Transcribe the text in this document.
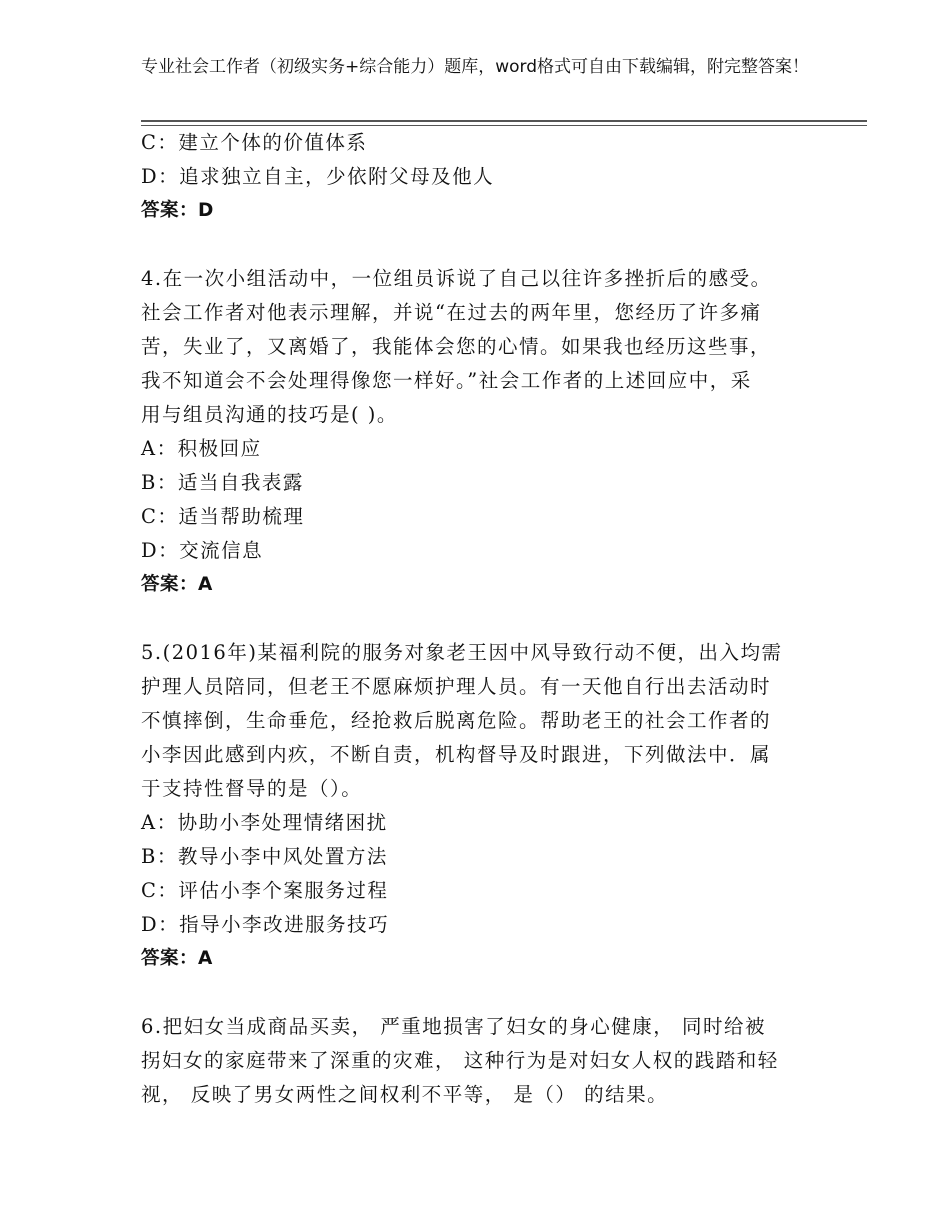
专业社会工作者（初级实务+综合能力）题库，word格式可自由下载编辑，附完整答案！
C：建立个体的价值体系
D：追求独立自主，少依附父母及他人
答案：D
4.在一次小组活动中，一位组员诉说了自己以往许多挫折后的感受。
社会工作者对他表示理解，并说“在过去的两年里，您经历了许多痛
苦，失业了，又离婚了，我能体会您的心情。如果我也经历这些事，
我不知道会不会处理得像您一样好。”社会工作者的上述回应中，采
用与组员沟通的技巧是( )。
A：积极回应
B：适当自我表露
C：适当帮助梳理
D：交流信息
答案：A
5.(2016年)某福利院的服务对象老王因中风导致行动不便，出入均需
护理人员陪同，但老王不愿麻烦护理人员。有一天他自行出去活动时
不慎摔倒，生命垂危，经抢救后脱离危险。帮助老王的社会工作者的
小李因此感到内疚，不断自责，机构督导及时跟进，下列做法中．属
于支持性督导的是（）。
A：协助小李处理情绪困扰
B：教导小李中风处置方法
C：评估小李个案服务过程
D：指导小李改进服务技巧
答案：A
6.把妇女当成商品买卖， 严重地损害了妇女的身心健康， 同时给被
拐妇女的家庭带来了深重的灾难， 这种行为是对妇女人权的践踏和轻
视， 反映了男女两性之间权利不平等， 是（） 的结果。
